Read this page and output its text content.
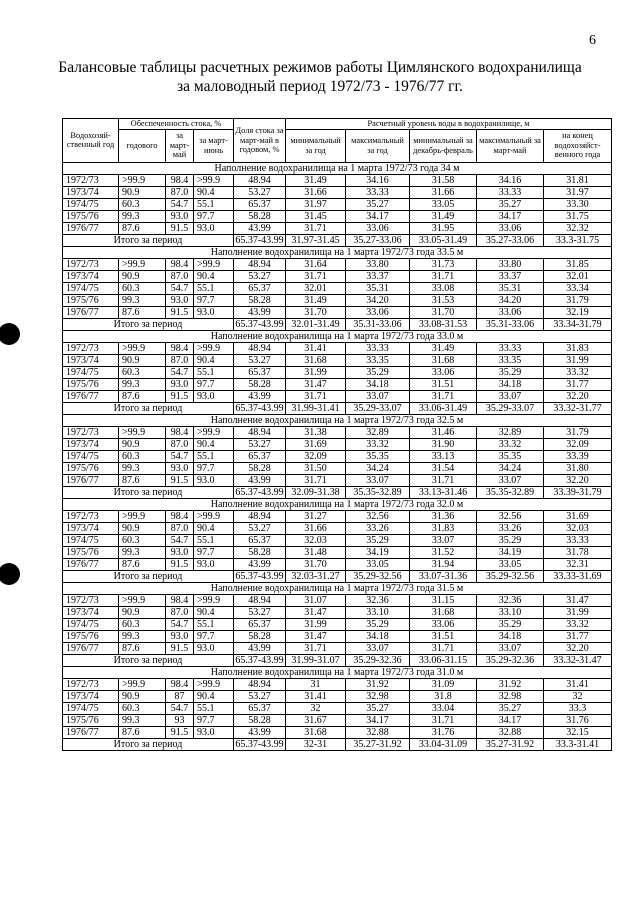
6
Балансовые таблицы расчетных режимов работы Цимлянского водохранилища
за маловодный период 1972/73 - 1976/77 гг.
Водохозяй-ственный год	Обеспеченность стока, %			Доля стока за март-май в годовом, %	Расчетный уровень воды в водохранилище, м				
	годового	за март-май	за март-июнь		минимальный за год	максимальный за год	минимальный за декабрь-февраль	максимальный за март-май	на конец водохозяйст-венного года
Наполнение водохранилища на 1 марта 1972/73 года 34 м									
1972/73	>99.9	98.4	>99.9	48.94	31.49	34.16	31.58	34.16	31.81
1973/74	90.9	87.0	90.4	53.27	31.66	33.33	31.66	33.33	31.97
1974/75	60.3	54.7	55.1	65.37	31.97	35.27	33.05	35.27	33.30
1975/76	99.3	93.0	97.7	58.28	31.45	34.17	31.49	34.17	31.75
1976/77	87.6	91.5	93.0	43.99	31.71	33.06	31.95	33.06	32.32
Итого за период				65.37-43.99	31.97-31.45	35.27-33.06	33.05-31.49	35.27-33.06	33.3-31.75
Наполнение водохранилища на 1 марта 1972/73 года 33.5 м									
1972/73	>99.9	98.4	>99.9	48.94	31.64	33.80	31.73	33.80	31.85
1973/74	90.9	87.0	90.4	53.27	31.71	33.37	31.71	33.37	32.01
1974/75	60.3	54.7	55.1	65.37	32.01	35.31	33.08	35.31	33.34
1975/76	99.3	93.0	97.7	58.28	31.49	34.20	31.53	34.20	31.79
1976/77	87.6	91.5	93.0	43.99	31.70	33.06	31.70	33.06	32.19
Итого за период				65.37-43.99	32.01-31.49	35.31-33.06	33.08-31.53	35.31-33.06	33.34-31.79
Наполнение водохранилища на 1 марта 1972/73 года 33.0 м									
1972/73	>99.9	98.4	>99.9	48.94	31.41	33.33	31.49	33.33	31.83
1973/74	90.9	87.0	90.4	53.27	31.68	33.35	31.68	33.35	31.99
1974/75	60.3	54.7	55.1	65.37	31.99	35.29	33.06	35.29	33.32
1975/76	99.3	93.0	97.7	58.28	31.47	34.18	31.51	34.18	31.77
1976/77	87.6	91.5	93.0	43.99	31.71	33.07	31.71	33.07	32.20
Итого за период				65.37-43.99	31.99-31.41	35.29-33.07	33.06-31.49	35.29-33.07	33.32-31.77
Наполнение водохранилища на 1 марта 1972/73 года 32.5 м									
1972/73	>99.9	98.4	>99.9	48.94	31.38	32.89	31.46	32.89	31.79
1973/74	90.9	87.0	90.4	53.27	31.69	33.32	31.90	33.32	32.09
1974/75	60.3	54.7	55.1	65.37	32.09	35.35	33.13	35.35	33.39
1975/76	99.3	93.0	97.7	58.28	31.50	34.24	31.54	34.24	31.80
1976/77	87.6	91.5	93.0	43.99	31.71	33.07	31.71	33.07	32.20
Итого за период				65.37-43.99	32.09-31.38	35.35-32.89	33.13-31.46	35.35-32.89	33.39-31.79
Наполнение водохранилища на 1 марта 1972/73 года 32.0 м									
1972/73	>99.9	98.4	>99.9	48.94	31.27	32.56	31.36	32.56	31.69
1973/74	90.9	87.0	90.4	53.27	31.66	33.26	31.83	33.26	32.03
1974/75	60.3	54.7	55.1	65.37	32.03	35.29	33.07	35.29	33.33
1975/76	99.3	93.0	97.7	58.28	31.48	34.19	31.52	34.19	31.78
1976/77	87.6	91.5	93.0	43.99	31.70	33.05	31.94	33.05	32.31
Итого за период				65.37-43.99	32.03-31.27	35.29-32.56	33.07-31.36	35.29-32.56	33.33-31.69
Наполнение водохранилища на 1 марта 1972/73 года 31.5 м									
1972/73	>99.9	98.4	>99.9	48.94	31.07	32.36	31.15	32.36	31.47
1973/74	90.9	87.0	90.4	53.27	31.47	33.10	31.68	33.10	31.99
1974/75	60.3	54.7	55.1	65.37	31.99	35.29	33.06	35.29	33.32
1975/76	99.3	93.0	97.7	58.28	31.47	34.18	31.51	34.18	31.77
1976/77	87.6	91.5	93.0	43.99	31.71	33.07	31.71	33.07	32.20
Итого за период				65.37-43.99	31.99-31.07	35.29-32.36	33.06-31.15	35.29-32.36	33.32-31.47
Наполнение водохранилища на 1 марта 1972/73 года 31.0 м									
1972/73	>99.9	98.4	>99.9	48.94	31	31.92	31.09	31.92	31.41
1973/74	90.9	87	90.4	53.27	31.41	32.98	31.8	32.98	32
1974/75	60.3	54.7	55.1	65.37	32	35.27	33.04	35.27	33.3
1975/76	99.3	93	97.7	58.28	31.67	34.17	31.71	34.17	31.76
1976/77	87.6	91.5	93.0	43.99	31.68	32.88	31.76	32.88	32.15
Итого за период				65.37-43.99	32-31	35.27-31.92	33.04-31.09	35.27-31.92	33.3-31.41
